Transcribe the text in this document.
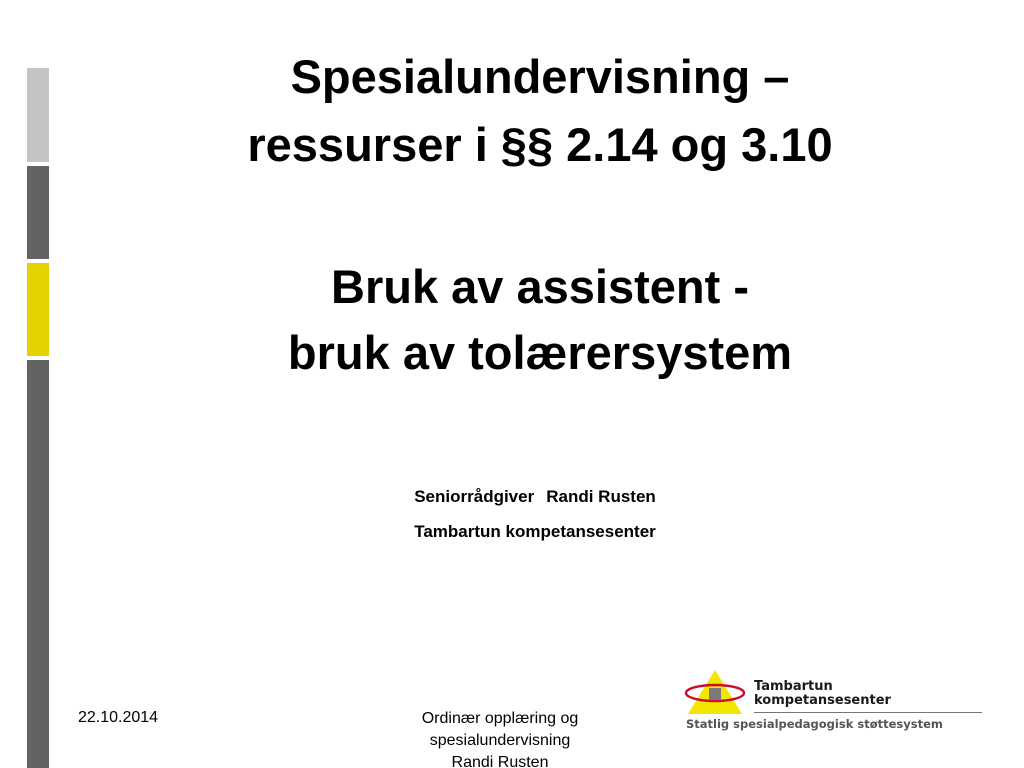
Spesialundervisning –
ressurser i §§ 2.14 og 3.10
Bruk av assistent -
bruk av tolærersystem
Seniorrådgiver Randi Rusten
Tambartun kompetansesenter
22.10.2014	Ordinær opplæring og
spesialundervisning
Randi Rusten
Tambartun
kompetansesenter
Statlig spesialpedagogisk støttesystem
